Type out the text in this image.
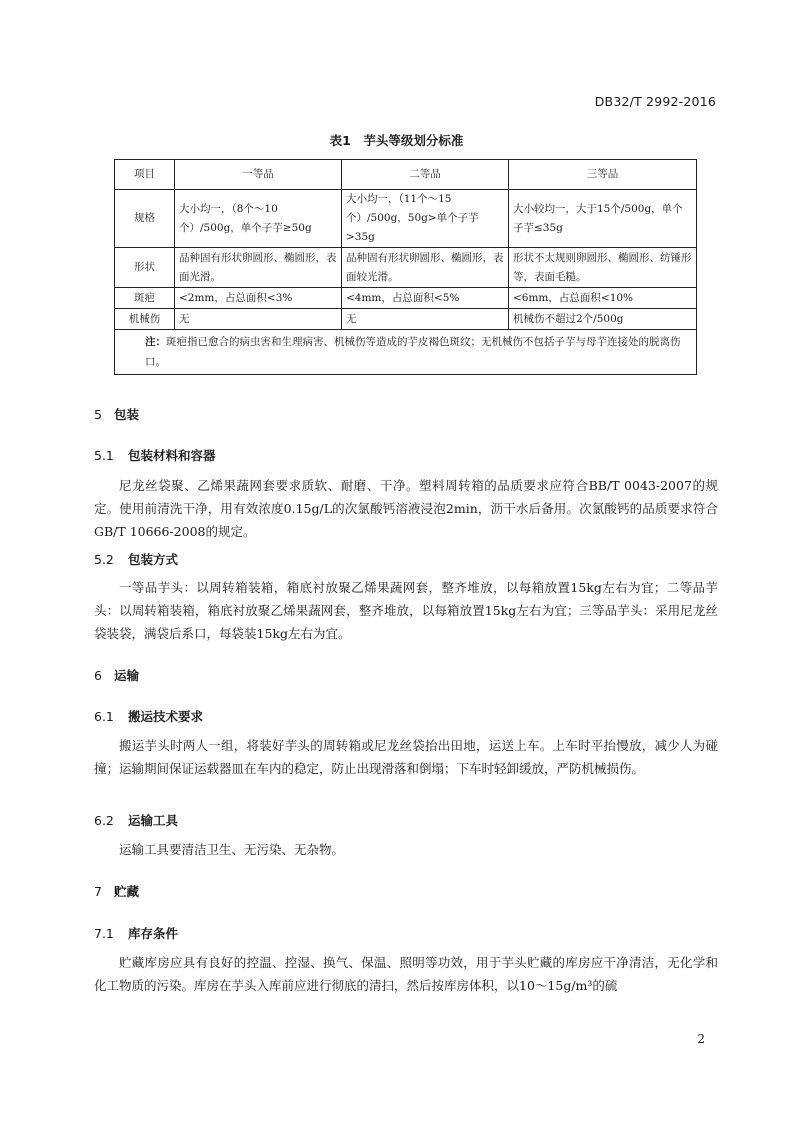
DB32/T 2992-2016
表1　芋头等级划分标准
项目	一等品	二等品	三等品
规格	大小均一，（8个～10个）/500g，单个子芋≥50g	大小均一，（11个～15个）/500g，50g>单个子芋>35g	大小较均一，大于15个/500g，单个子芋≤35g
形状	品种固有形状卵圆形、椭圆形，表面光滑。	品种固有形状卵圆形、椭圆形，表面较光滑。	形状不太规则卵圆形、椭圆形、纺锤形等，表面毛糙。
斑疤	<2mm，占总面积<3%	<4mm，占总面积<5%	<6mm，占总面积<10%
机械伤	无	无	机械伤不超过2个/500g
注：斑疤指已愈合的病虫害和生理病害、机械伤等造成的芋皮褐色斑纹；无机械伤不包括子芋与母芋连接处的脱离伤口。			
5 包装
5.1 包装材料和容器
尼龙丝袋聚、乙烯果蔬网套要求质软、耐磨、干净。塑料周转箱的品质要求应符合BB/T 0043-2007的规定。使用前清洗干净，用有效浓度0.15g/L的次氯酸钙溶液浸泡2min，沥干水后备用。次氯酸钙的品质要求符合GB/T 10666-2008的规定。
5.2 包装方式
一等品芋头：以周转箱装箱，箱底衬放聚乙烯果蔬网套，整齐堆放，以每箱放置15kg左右为宜；二等品芋头：以周转箱装箱，箱底衬放聚乙烯果蔬网套，整齐堆放，以每箱放置15kg左右为宜；三等品芋头：采用尼龙丝袋装袋，满袋后系口，每袋装15kg左右为宜。
6 运输
6.1 搬运技术要求
搬运芋头时两人一组，将装好芋头的周转箱或尼龙丝袋抬出田地，运送上车。上车时平抬慢放，减少人为碰撞；运输期间保证运载器皿在车内的稳定，防止出现滑落和倒塌；下车时轻卸缓放，严防机械损伤。
6.2 运输工具
运输工具要清洁卫生、无污染、无杂物。
7 贮藏
7.1 库存条件
贮藏库房应具有良好的控温、控湿、换气、保温、照明等功效，用于芋头贮藏的库房应干净清洁，无化学和化工物质的污染。库房在芋头入库前应进行彻底的清扫，然后按库房体积，以10～15g/m³的硫
2
